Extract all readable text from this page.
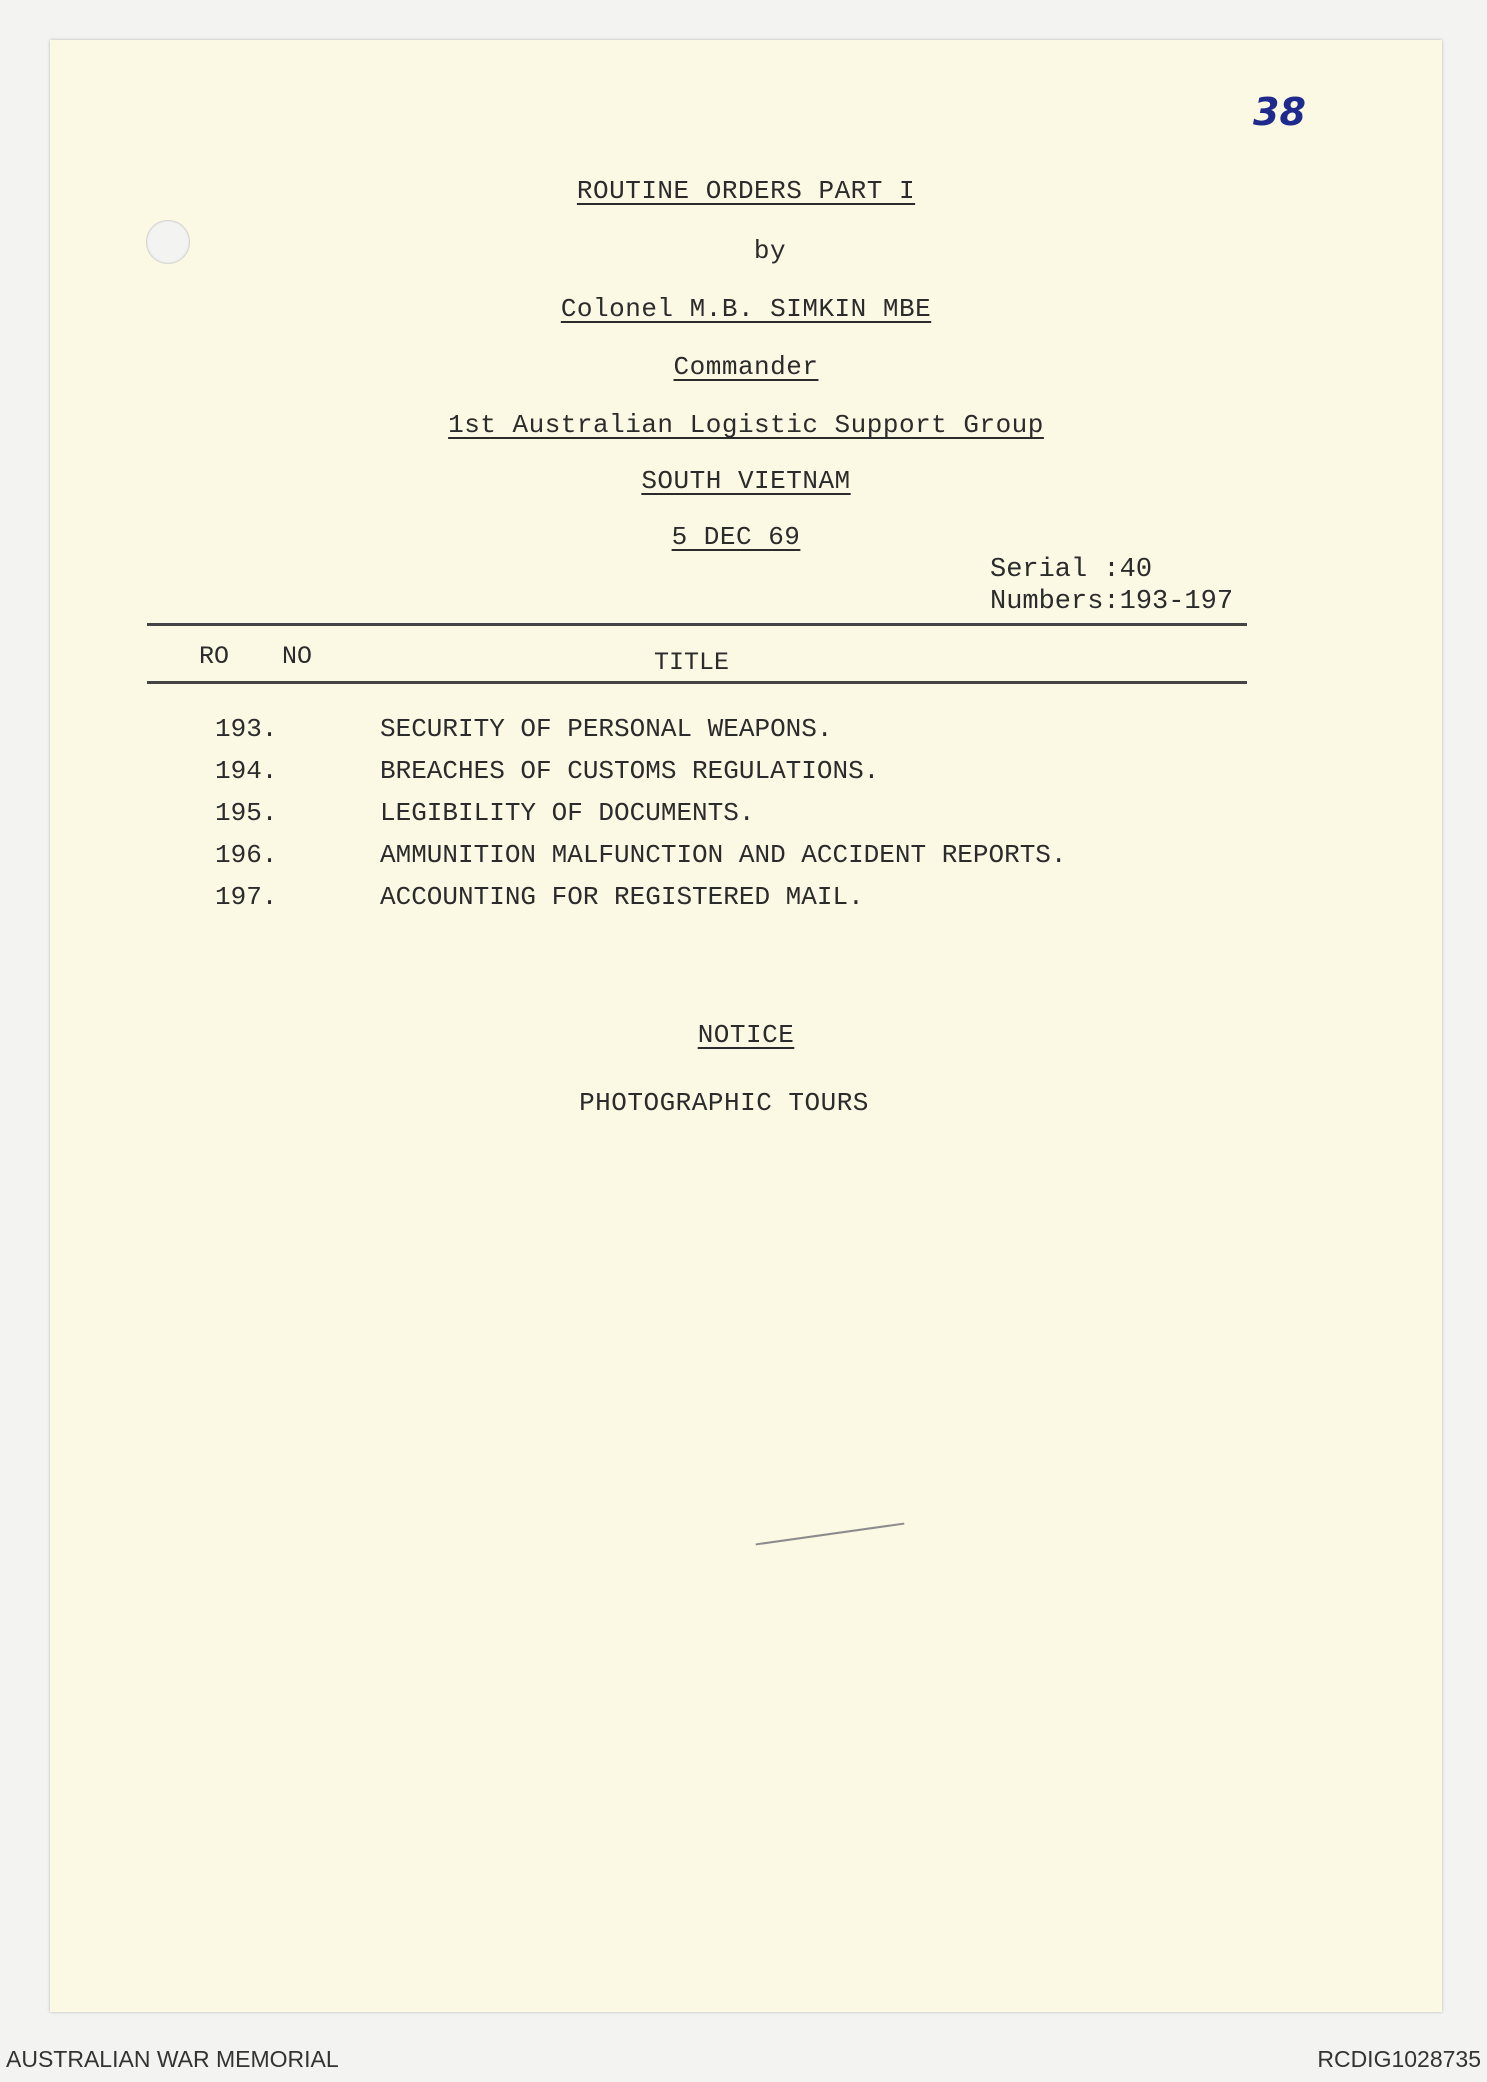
38
ROUTINE ORDERS PART I
by
Colonel M.B. SIMKIN MBE
Commander
1st Australian Logistic Support Group
SOUTH VIETNAM
5 DEC 69
Serial :40
Numbers:193-197
RO NO	TITLE
193.	SECURITY OF PERSONAL WEAPONS.
194.	BREACHES OF CUSTOMS REGULATIONS.
195.	LEGIBILITY OF DOCUMENTS.
196.	AMMUNITION MALFUNCTION AND ACCIDENT REPORTS.
197.	ACCOUNTING FOR REGISTERED MAIL.
NOTICE
PHOTOGRAPHIC TOURS
AUSTRALIAN WAR MEMORIAL	RCDIG1028735
